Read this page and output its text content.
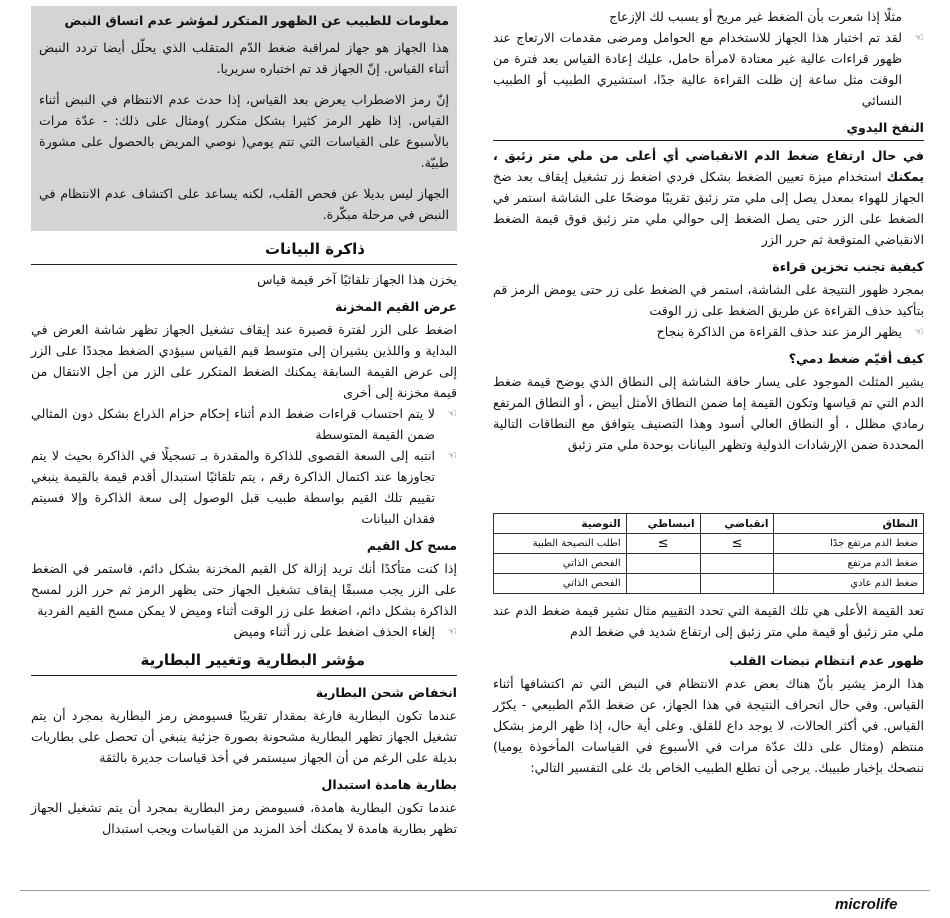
مثلًا إذا شعرت بأن الضغط غير مريح أو يسبب لك الإزعاج

☜

لقد تم اختبار هذا الجهاز للاستخدام مع الحوامل ومرضى مقدمات الارتعاج عند ظهور قراءات عالية غير معتادة لامرأة حامل، عليك إعادة القياس بعد فترة من الوقت مثل ساعة إن ظلت القراءة عالية جدًا، استشيري الطبيب أو الطبيب النسائي

النفخ اليدوي

في حال ارتفاع ضغط الدم الانقباضي أي أعلى من ملي متر زئبق ، يمكنك استخدام ميزة تعيين الضغط بشكل فردي اضغط زر تشغيل إيقاف بعد ضخ الجهاز للهواء بمعدل يصل إلى ملي متر زئبق تقريبًا موضحًا على الشاشة استمر في الضغط على الزر حتى يصل الضغط إلى حوالي ملي متر زئبق فوق قيمة الضغط الانقباضي المتوقعة ثم حرر الزر

كيفية تجنب تخزين قراءة

بمجرد ظهور النتيجة على الشاشة، استمر في الضغط على زر حتى يومض الرمز قم بتأكيد حذف القراءة عن طريق الضغط على زر الوقت

☜

يظهر الرمز عند حذف القراءة من الذاكرة بنجاح

كيف أقيّم ضغط دمي؟

يشير المثلث الموجود على يسار حافة الشاشة إلى النطاق الذي يوضح قيمة ضغط الدم التي تم قياسها وتكون القيمة إما ضمن النطاق الأمثل أبيض ، أو النطاق المرتفع رمادي مظلل ، أو النطاق العالي أسود وهذا التصنيف يتوافق مع النطاقات التالية المحددة ضمن الإرشادات الدولية وتظهر البيانات بوحدة ملي متر زئبق

النطاق	انقباضي	انبساطي	التوصية
ضغط الدم مرتفع جدًا	≥	≥	اطلب النصيحة الطبية
ضغط الدم مرتفع			الفحص الذاتي
ضغط الدم عادي			الفحص الذاتي

تعد القيمة الأعلى هي تلك القيمة التي تحدد التقييم مثال تشير قيمة ضغط الدم عند ملي متر زئبق أو قيمة ملي متر زئبق إلى ارتفاع شديد في ضغط الدم

ظهور عدم انتظام نبضات القلب

هذا الرمز يشير بأنّ هناك بعض عدم الانتظام في النبض التي تم اكتشافها أثناء القياس. وفي حال انحراف النتيجة في هذا الجهاز، عن ضغط الدّم الطبيعي - يكرّر القياس. في أكثر الحالات، لا يوجد داع للقلق. وعلى أية حال، إذا ظهر الرمز بشكل منتظم (ومثال على ذلك عدّة مرات في الأسبوع في القياسات المأخوذة يوميا) ننصحك بإخبار طبيبك. يرجى أن تطلع الطبيب الخاص بك على التفسير التالي:

معلومات للطبيب عن الظهور المتكرر لمؤشر عدم اتساق النبض

هذا الجهاز هو جهاز لمراقبة ضغط الدّم المتقلب الذي يحلّل أيضا تردد النبض أثناء القياس. إنّ الجهاز قد تم اختباره سريريا.

إنّ رمز الاضطراب يعرض بعد القياس، إذا حدث عدم الانتظام في النبض أثناء القياس. إذا ظهر الرمز كثيرا بشكل متكرر )ومثال على ذلك: - عدّة مرات بالأسبوع على القياسات التي تتم يومي( نوصي المريض بالحصول على مشورة طبيّة.

الجهاز ليس بديلا عن فحص القلب، لكنه يساعد على اكتشاف عدم الانتظام في النبض في مرحلة مبكّرة.

ذاكرة البيانات

يخزن هذا الجهاز تلقائيًا آخر قيمة قياس

عرض القيم المخزنة

اضغط على الزر لفترة قصيرة عند إيقاف تشغيل الجهاز تظهر شاشة العرض في البداية و واللذين يشيران إلى متوسط قيم القياس سيؤدي الضغط مجددًا على الزر إلى عرض القيمة السابقة يمكنك الضغط المتكرر على الزر من أجل الانتقال من قيمة مخزنة إلى أخرى

☜

لا يتم احتساب قراءات ضغط الدم أثناء إحكام حزام الذراع بشكل دون المثالي ضمن القيمة المتوسطة

☜

انتبه إلى السعة القصوى للذاكرة والمقدرة بـ تسجيلًا في الذاكرة بحيث لا يتم تجاوزها عند اكتمال الذاكرة رقم ، يتم تلقائيًا استبدال أقدم قيمة بالقيمة ينبغي تقييم تلك القيم بواسطة طبيب قبل الوصول إلى سعة الذاكرة وإلا فسيتم فقدان البيانات

مسح كل القيم

إذا كنت متأكدًا أنك تريد إزالة كل القيم المخزنة بشكل دائم، فاستمر في الضغط على الزر يجب مسبقًا إيقاف تشغيل الجهاز حتى يظهر الرمز ثم حرر الزر لمسح الذاكرة بشكل دائم، اضغط على زر الوقت أثناء وميض لا يمكن مسح القيم الفردية

☜

إلغاء الحذف اضغط على زر أثناء وميض

مؤشر البطارية وتغيير البطارية
انخفاض شحن البطارية

عندما تكون البطارية فارغة بمقدار تقريبًا فسيومض رمز البطارية بمجرد أن يتم تشغيل الجهاز تظهر البطارية مشحونة بصورة جزئية ينبغي أن تحصل على بطاريات بديلة على الرغم من أن الجهاز سيستمر في أخذ قياسات جديرة بالثقة

بطارية هامدة استبدال

عندما تكون البطارية هامدة، فسيومض رمز البطارية بمجرد أن يتم تشغيل الجهاز تظهر بطارية هامدة لا يمكنك أخذ المزيد من القياسات ويجب استبدال

microlife
